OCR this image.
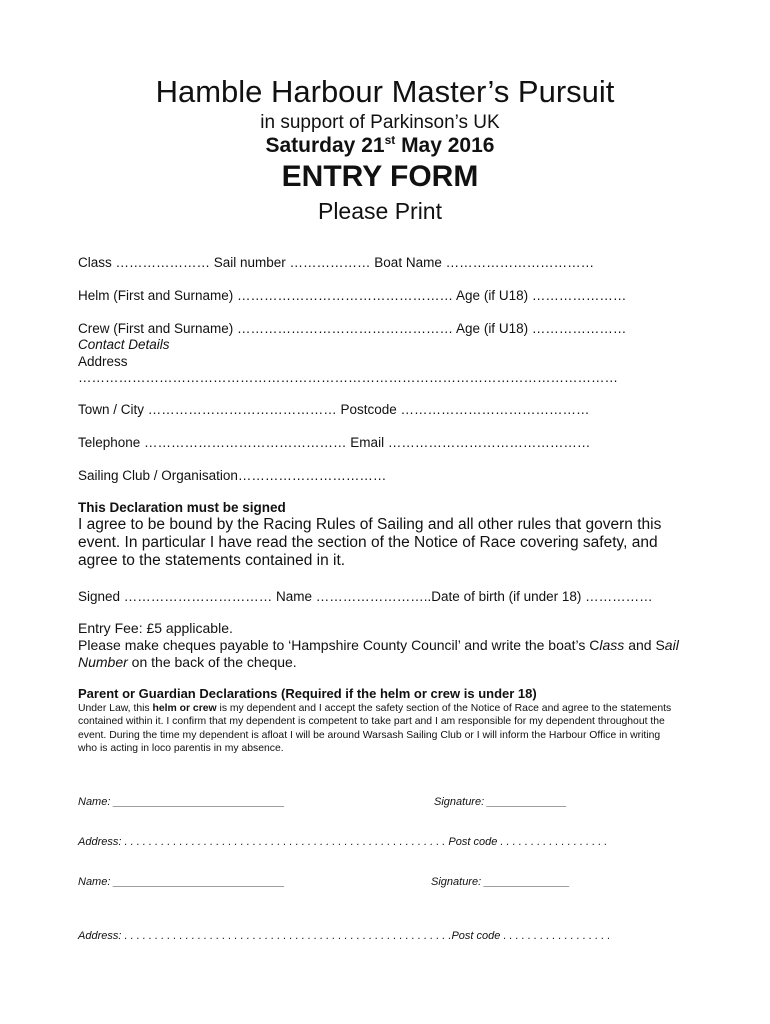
Hamble Harbour Master’s Pursuit
in support of Parkinson’s UK
Saturday 21st May 2016
ENTRY FORM
Please Print
Class ………………… Sail number ……………… Boat Name ……………………………
Helm (First and Surname) ………………………………………… Age (if U18) …………………
Crew (First and Surname) ………………………………………… Age (if U18) …………………
Contact Details
Address
…………………………………………………………………………………………………………
Town / City …………………………………… Postcode ……………………………………
Telephone ……………………………………… Email ………………………………………
Sailing Club / Organisation……………………………
This Declaration must be signed
I agree to be bound by the Racing Rules of Sailing and all other rules that govern this event. In particular I have read the section of the Notice of Race covering safety, and agree to the statements contained in it.
Signed …………………………… Name ……………………..Date of birth (if under 18) ……………
Entry Fee: £5 applicable.
Please make cheques payable to ‘Hampshire County Council’ and write the boat’s Class and Sail Number on the back of the cheque.
Parent or Guardian Declarations (Required if the helm or crew is under 18)
Under Law, this helm or crew is my dependent and I accept the safety section of the Notice of Race and agree to the statements contained within it. I confirm that my dependent is competent to take part and I am responsible for my dependent throughout the event. During the time my dependent is afloat I will be around Warsash Sailing Club or I will inform the Harbour Office in writing who is acting in loco parentis in my absence.
Name: ____________________________	Signature: _____________
Address: . . . . . . . . . . . . . . . . . . . . . . . . . . . . . . . . . . . . . . . . . . . . . . . . . . . . . Post code . . . . . . . . . . . . . . . . . .
Name: ____________________________	Signature: ______________
Address: . . . . . . . . . . . . . . . . . . . . . . . . . . . . . . . . . . . . . . . . . . . . . . . . . . . . . .Post code . . . . . . . . . . . . . . . . . .
